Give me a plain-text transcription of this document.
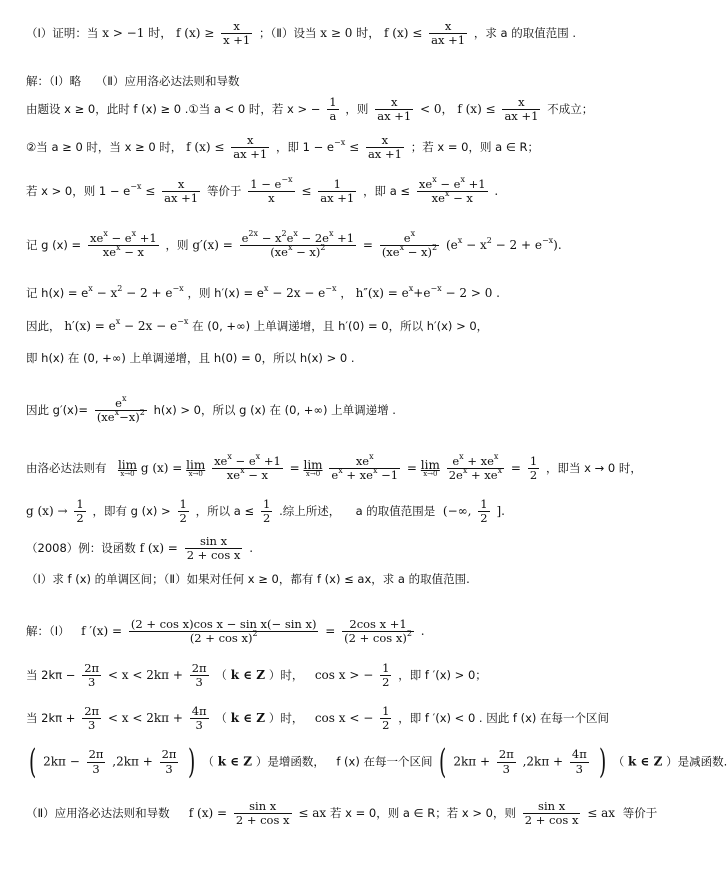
（Ⅰ）证明：当 x > −1 时， f $(x) \ge \frac{x}{x +1}$ ；（Ⅱ）设当 x ≥ 0 时， f $(x) \le \frac{x}{ax +1}$ ，求 a 的取值范围 .
解：（Ⅰ）略 （Ⅱ）应用洛必达法则和导数
由题设 x ≥ 0，此时 f (x) ≥ 0 .①当 a < 0 时，若 x > − $\frac{1}{a}$ ，则 $\frac{x}{ax +1} < 0$， f $(x) \le \frac{x}{ax +1}$ 不成立；
②当 a ≥ 0 时，当 x ≥ 0 时， f $(x) \le \frac{x}{ax +1}$ ，即 $1 - e^{-x} \le \frac{x}{ax +1}$ ；若 x = 0，则 a ∈ R；
若 x > 0，则 $1 - e^{-x} \le \frac{x}{ax +1}$ 等价于 $\frac{1 - e^{-x}}{x} \le \frac{1}{ax +1}$ ，即 $a \le \frac{xe^x - e^x +1}{xe^x - x}$ .
记 g $(x) = \frac{xe^x - e^x +1}{xe^x - x}$ ，则 $g'(x) = \frac{e^{2x} - x^2e^x - 2e^x +1}{(xe^x - x)^2} = \frac{e^x}{(xe^x - x)^2} (e^x - x^2 - 2 + e^{-x})$.
记 $h(x) = e^x - x^2 - 2 + e^{-x}$ ，则 $h'(x) = e^x - 2x - e^{-x}$ ， $h''(x) = e^x+e^{-x} - 2 > 0$ .
因此， $h'(x) = e^x - 2x - e^{-x}$ 在 (0, +∞) 上单调递增，且 h′(0) = 0，所以 h′(x) > 0，
即 h(x) 在 (0, +∞) 上单调递增，且 h(0) = 0，所以 h(x) > 0 .
因此 $g'(x)= \frac{e^x}{(xe^x-x)^2} h(x) > 0$，所以 g (x) 在 (0, +∞) 上单调递增 .
由洛必达法则有 lim
x→0 g (x) = lim
x→0
$\frac{xe^x - e^x +1}{xe^x - x} = \lim$
x→0
$\frac{xe^x}{e^x + xe^x -1} = \lim$
x→0
$\frac{e^x + xe^x}{2e^x + xe^x} = \frac{1}{2}$ ，即当 x → 0 时，
g $(x) \to \frac{1}{2}$ ，即有 g $(x) > \frac{1}{2}$ ，所以 $a \le \frac{1}{2}$ .综上所述， a 的取值范围是 (−∞, $\frac{1}{2}$ ].
（2008）例：设函数 f $(x) = \frac{\text{sin x}}{\text{2 + cos x}}$ .
（Ⅰ）求 f (x) 的单调区间；（Ⅱ）如果对任何 x ≥ 0，都有 f (x) ≤ ax，求 a 的取值范围.
解：（Ⅰ） f $'(x) = \frac{\text{(2 + cos x)cos x − sin x(− sin x)}}{(2 + \cos x)^2} = \frac{\text{2cos x +1}}{(2 + \cos x)^2}$ .
当 $2k\pi - \frac{2\pi}{3} < x < 2k\pi + \frac{2\pi}{3}$ （ k ∈ Z ）时， cos x > − $\frac{1}{2}$ ，即 f ′(x) > 0；
当 $2k\pi + \frac{2\pi}{3} < x < 2k\pi + \frac{4\pi}{3}$ （ k ∈ Z ）时， cos x < − $\frac{1}{2}$ ，即 f ′(x) < 0 . 因此 f (x) 在每一个区间
( $2k\pi - \frac{2\pi}{3} ,2k\pi + \frac{2\pi}{3}$ ) （ k ∈ Z ）是增函数， f (x) 在每一个区间 ( $2k\pi + \frac{2\pi}{3} ,2k\pi + \frac{4\pi}{3}$ ) （ k ∈ Z ）是减函数.
（Ⅱ）应用洛必达法则和导数 f $(x) = \frac{\text{sin x}}{\text{2 + cos x}}$ ≤ ax 若 x = 0，则 a ∈ R；若 x > 0，则 $\frac{\text{sin x}}{\text{2 + cos x}}$ ≤ ax 等价于
